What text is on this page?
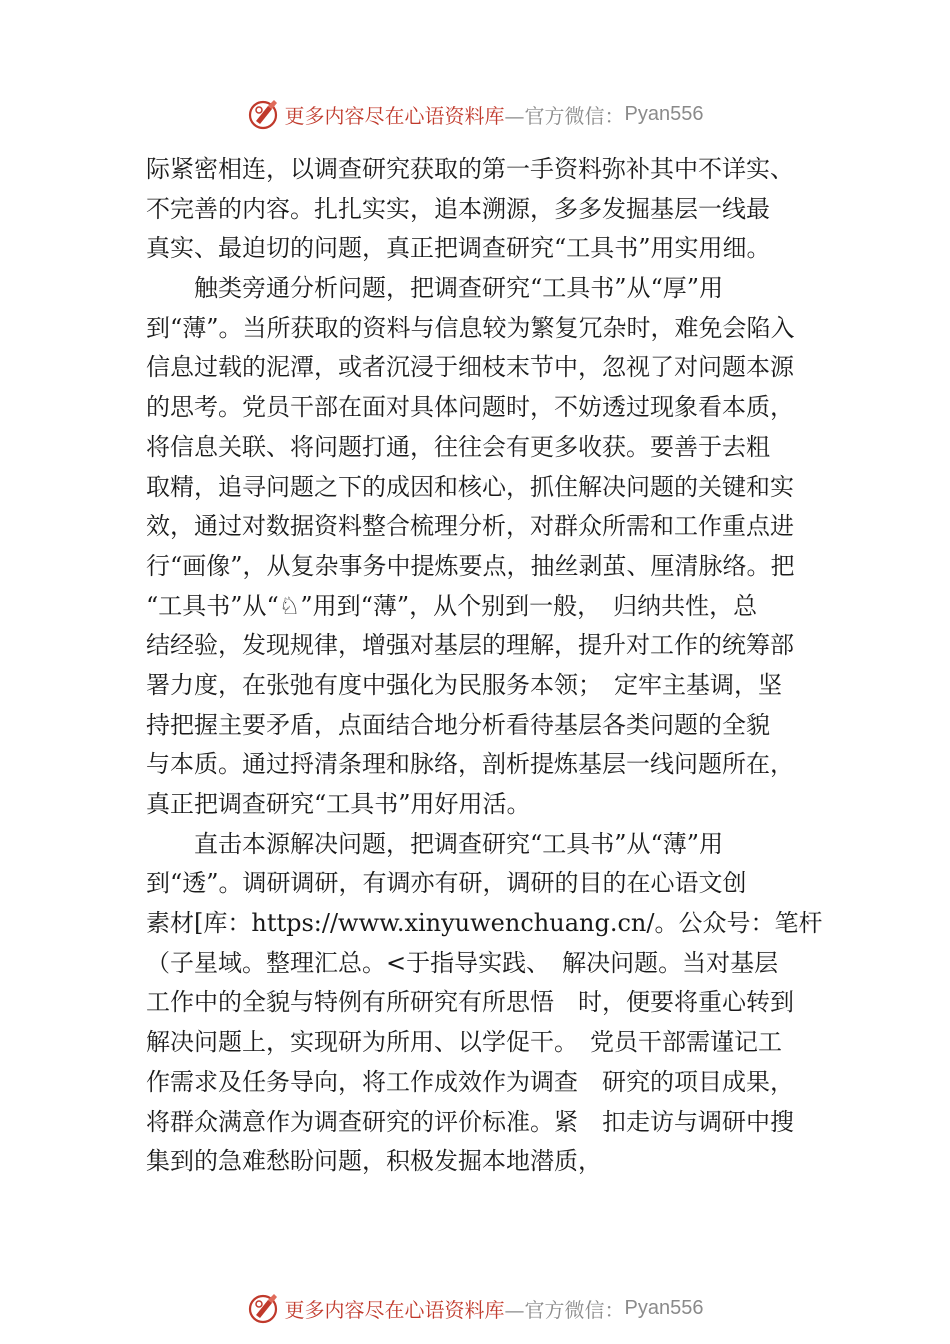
更多内容尽在心语资料库 —官方微信： Pyan556
际紧密相连，以调查研究获取的第一手资料弥补其中不详实、
不完善的内容。扎扎实实，追本溯源，多多发掘基层一线最
真实、最迫切的问题，真正把调查研究“工具书”用实用细。
　　触类旁通分析问题，把调查研究“工具书”从“厚”用
到“薄”。当所获取的资料与信息较为繁复冗杂时，难免会陷入
信息过载的泥潭，或者沉浸于细枝末节中，忽视了对问题本源
的思考。党员干部在面对具体问题时，不妨透过现象看本质，
将信息关联、将问题打通，往往会有更多收获。要善于去粗
取精，追寻问题之下的成因和核心，抓住解决问题的关键和实
效，通过对数据资料整合梳理分析，对群众所需和工作重点进
行“画像”，从复杂事务中提炼要点，抽丝剥茧、厘清脉络。把
“工具书”从“♘”用到“薄”，从个别到一般，　归纳共性，总
结经验，发现规律，增强对基层的理解，提升对工作的统筹部
署力度，在张弛有度中强化为民服务本领；　定牢主基调，坚
持把握主要矛盾，点面结合地分析看待基层各类问题的全貌
与本质。通过捋清条理和脉络，剖析提炼基层一线问题所在，
真正把调查研究“工具书”用好用活。
　　直击本源解决问题，把调查研究“工具书”从“薄”用
到“透”。调研调研，有调亦有研，调研的目的在心语文创
素材[库：https://www.xinyuwenchuang.cn/。公众号：笔杆
（子星域。整理汇总。<于指导实践、　解决问题。当对基层
工作中的全貌与特例有所研究有所思悟　时，便要将重心转到
解决问题上，实现研为所用、以学促干。　党员干部需谨记工
作需求及任务导向，将工作成效作为调查　研究的项目成果，
将群众满意作为调查研究的评价标准。紧　扣走访与调研中搜
集到的急难愁盼问题，积极发掘本地潜质，
更多内容尽在心语资料库 —官方微信： Pyan556
